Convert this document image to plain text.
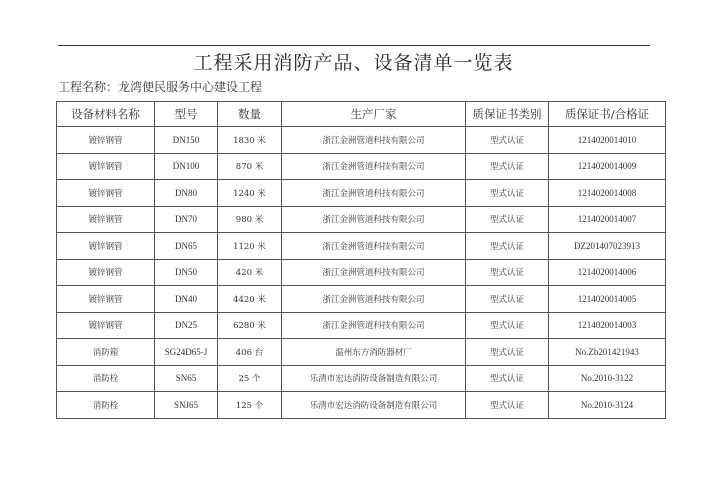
工程采用消防产品、设备清单一览表
工程名称：龙湾便民服务中心建设工程
设备材料名称	型号	数量	生产厂家	质保证书类别	质保证书/合格证
镀锌钢管	DN150	1830 米	浙江金洲管道科技有限公司	型式认证	1214020014010
镀锌钢管	DN100	870 米	浙江金洲管道科技有限公司	型式认证	1214020014009
镀锌钢管	DN80	1240 米	浙江金洲管道科技有限公司	型式认证	1214020014008
镀锌钢管	DN70	980 米	浙江金洲管道科技有限公司	型式认证	1214020014007
镀锌钢管	DN65	1120 米	浙江金洲管道科技有限公司	型式认证	DZ201407023913
镀锌钢管	DN50	420 米	浙江金洲管道科技有限公司	型式认证	1214020014006
镀锌钢管	DN40	4420 米	浙江金洲管道科技有限公司	型式认证	1214020014005
镀锌钢管	DN25	6280 米	浙江金洲管道科技有限公司	型式认证	1214020014003
消防箱	SG24D65-J	406 台	温州东方消防器材厂	型式认证	No.Zb201421943
消防栓	SN65	25 个	乐清市宏达消防设备制造有限公司	型式认证	No.2010-3122
消防栓	SNJ65	125 个	乐清市宏达消防设备制造有限公司	型式认证	No.2010-3124
